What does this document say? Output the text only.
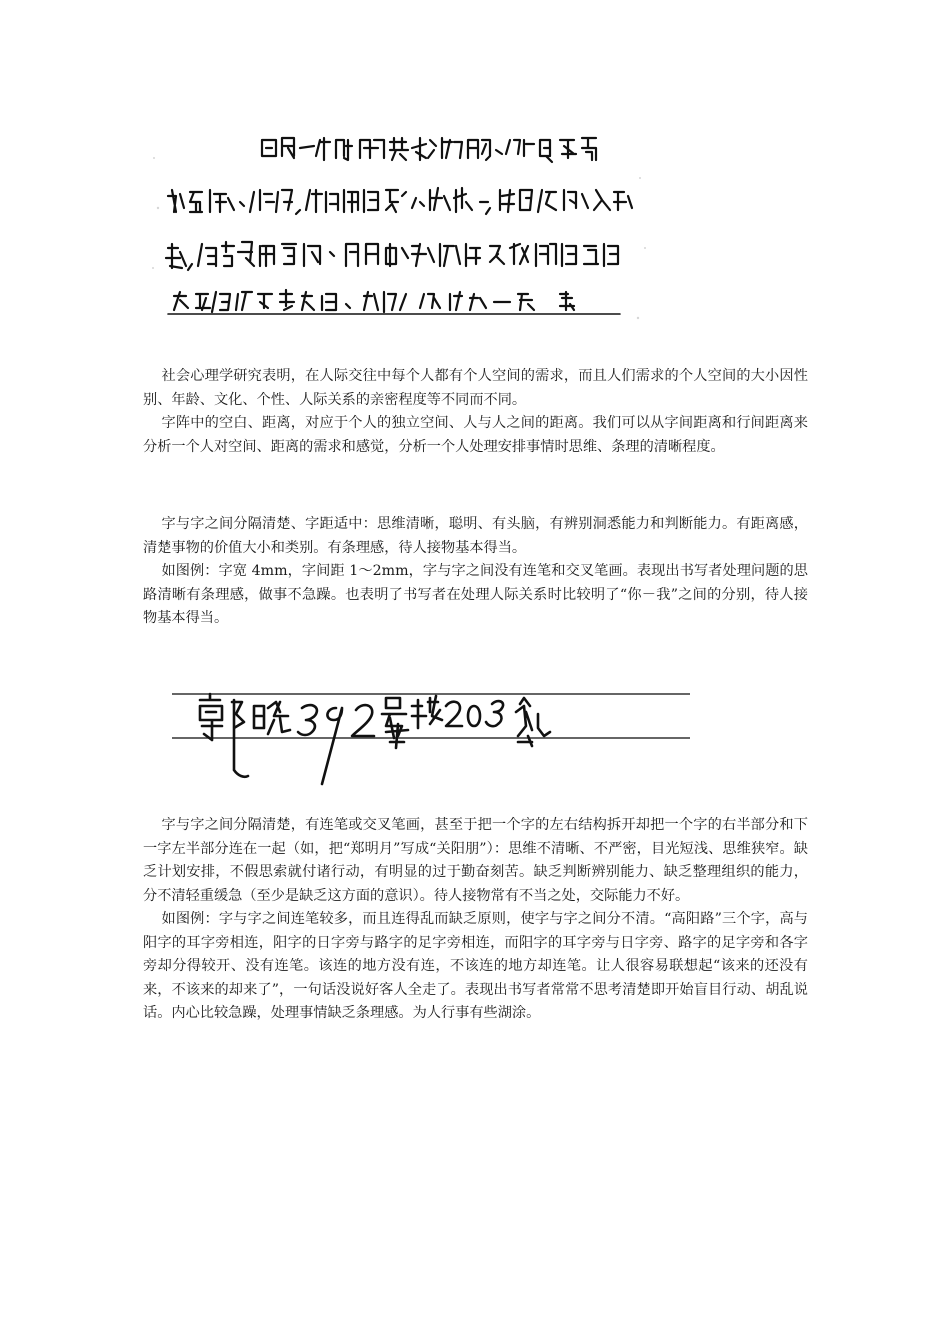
社会心理学研究表明，在人际交往中每个人都有个人空间的需求，而且人们需求的个人空间的大小因性别、年龄、文化、个性、人际关系的亲密程度等不同而不同。

字阵中的空白、距离，对应于个人的独立空间、人与人之间的距离。我们可以从字间距离和行间距离来分析一个人对空间、距离的需求和感觉，分析一个人处理安排事情时思维、条理的清晰程度。

字与字之间分隔清楚、字距适中：思维清晰，聪明、有头脑，有辨别洞悉能力和判断能力。有距离感，清楚事物的价值大小和类别。有条理感，待人接物基本得当。

如图例：字宽 4mm，字间距 1～2mm，字与字之间没有连笔和交叉笔画。表现出书写者处理问题的思路清晰有条理感，做事不急躁。也表明了书写者在处理人际关系时比较明了“你－我”之间的分别，待人接物基本得当。

字与字之间分隔清楚，有连笔或交叉笔画，甚至于把一个字的左右结构拆开却把一个字的右半部分和下一字左半部分连在一起（如，把“郑明月”写成“关阳朋”）：思维不清晰、不严密，目光短浅、思维狭窄。缺乏计划安排，不假思索就付诸行动，有明显的过于勤奋刻苦。缺乏判断辨别能力、缺乏整理组织的能力，分不清轻重缓急（至少是缺乏这方面的意识）。待人接物常有不当之处，交际能力不好。

如图例：字与字之间连笔较多，而且连得乱而缺乏原则，使字与字之间分不清。“高阳路”三个字，高与阳字的耳字旁相连，阳字的日字旁与路字的足字旁相连，而阳字的耳字旁与日字旁、路字的足字旁和各字旁却分得较开、没有连笔。该连的地方没有连，不该连的地方却连笔。让人很容易联想起“该来的还没有来，不该来的却来了”，一句话没说好客人全走了。表现出书写者常常不思考清楚即开始盲目行动、胡乱说话。内心比较急躁，处理事情缺乏条理感。为人行事有些湖涂。
